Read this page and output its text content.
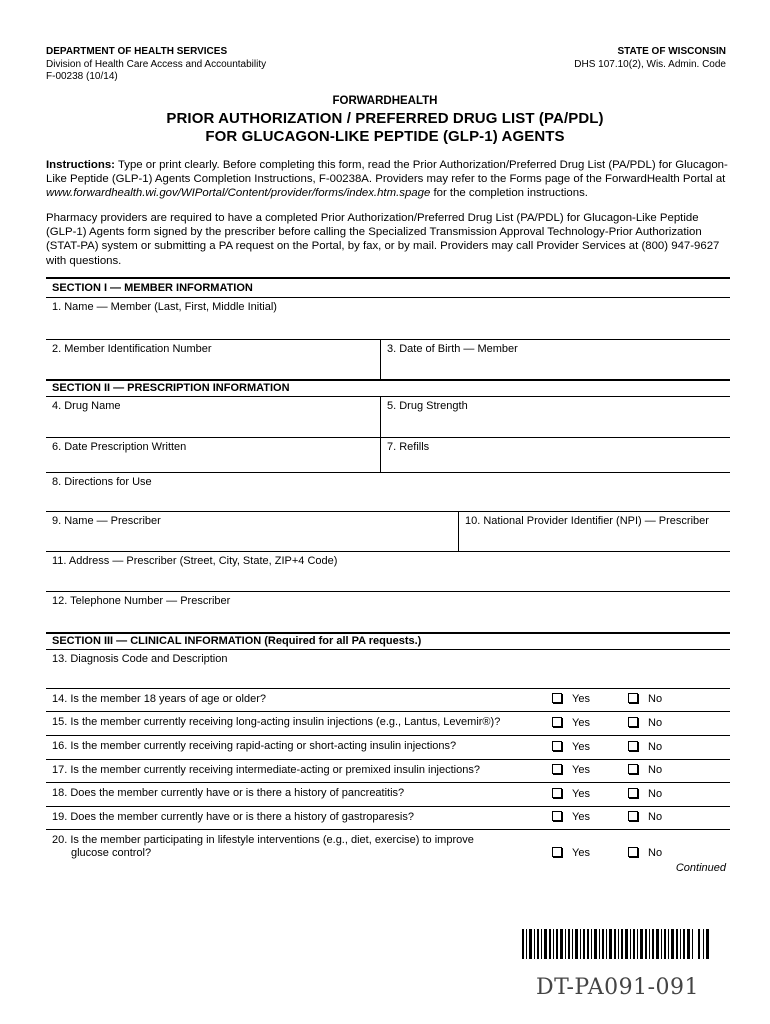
DEPARTMENT OF HEALTH SERVICES
Division of Health Care Access and Accountability
F-00238 (10/14)
STATE OF WISCONSIN
DHS 107.10(2), Wis. Admin. Code
FORWARDHEALTH
PRIOR AUTHORIZATION / PREFERRED DRUG LIST (PA/PDL)
FOR GLUCAGON-LIKE PEPTIDE (GLP-1) AGENTS
Instructions: Type or print clearly. Before completing this form, read the Prior Authorization/Preferred Drug List (PA/PDL) for Glucagon-Like Peptide (GLP-1) Agents Completion Instructions, F-00238A. Providers may refer to the Forms page of the ForwardHealth Portal at www.forwardhealth.wi.gov/WIPortal/Content/provider/forms/index.htm.spage for the completion instructions.
Pharmacy providers are required to have a completed Prior Authorization/Preferred Drug List (PA/PDL) for Glucagon-Like Peptide (GLP-1) Agents form signed by the prescriber before calling the Specialized Transmission Approval Technology-Prior Authorization (STAT-PA) system or submitting a PA request on the Portal, by fax, or by mail. Providers may call Provider Services at (800) 947-9627 with questions.
SECTION I — MEMBER INFORMATION
1. Name — Member (Last, First, Middle Initial)
2. Member Identification Number	3. Date of Birth — Member
SECTION II — PRESCRIPTION INFORMATION
4. Drug Name	5. Drug Strength
6. Date Prescription Written	7. Refills
8. Directions for Use
9. Name — Prescriber	10. National Provider Identifier (NPI) — Prescriber
11. Address — Prescriber (Street, City, State, ZIP+4 Code)
12. Telephone Number — Prescriber
SECTION III — CLINICAL INFORMATION (Required for all PA requests.)
13. Diagnosis Code and Description
14. Is the member 18 years of age or older?	Yes	No
15. Is the member currently receiving long-acting insulin injections (e.g., Lantus, Levemir®)?	Yes	No
16. Is the member currently receiving rapid-acting or short-acting insulin injections?	Yes	No
17. Is the member currently receiving intermediate-acting or premixed insulin injections?	Yes	No
18. Does the member currently have or is there a history of pancreatitis?	Yes	No
19. Does the member currently have or is there a history of gastroparesis?	Yes	No
20. Is the member participating in lifestyle interventions (e.g., diet, exercise) to improve
glucose control?	Yes	No
Continued
DT-PA091-091
